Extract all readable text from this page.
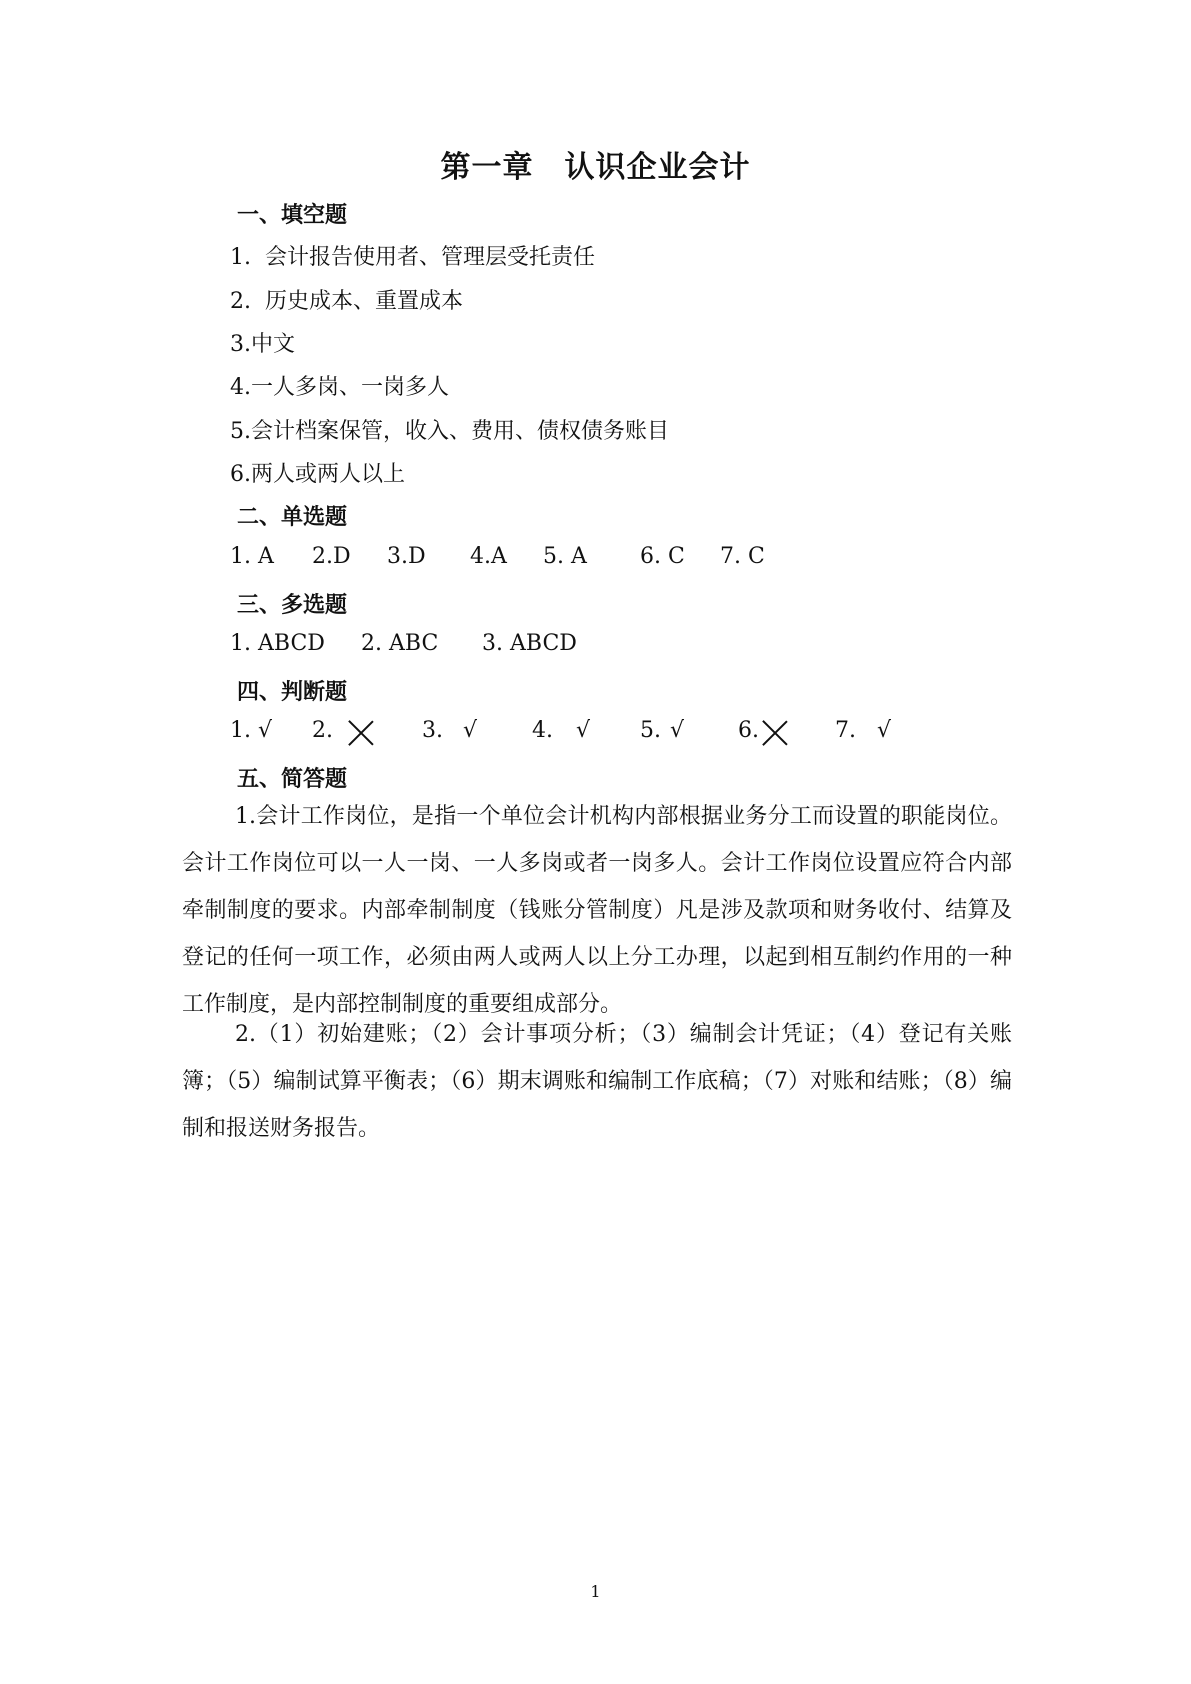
第一章　认识企业会计
一、填空题
1.  会计报告使用者、管理层受托责任
2.  历史成本、重置成本
3.中文
4.一人多岗、一岗多人
5.会计档案保管，收入、费用、债权债务账目
6.两人或两人以上
二、单选题
1. A 2.D 3.D 4.A 5. A 6. C 7. C
三、多选题
1. ABCD 2. ABC 3. ABCD
四、判断题
1. √ 2.	3. √ 4. √ 5. √ 6.	7. √
五、简答题
1.会计工作岗位，是指一个单位会计机构内部根据业务分工而设置的职能岗位。会计工作岗位可以一人一岗、一人多岗或者一岗多人。会计工作岗位设置应符合内部牵制制度的要求。内部牵制制度（钱账分管制度）凡是涉及款项和财务收付、结算及登记的任何一项工作，必须由两人或两人以上分工办理，以起到相互制约作用的一种工作制度，是内部控制制度的重要组成部分。
2.（1）初始建账；（2）会计事项分析；（3）编制会计凭证；（4）登记有关账簿；（5）编制试算平衡表；（6）期末调账和编制工作底稿；（7）对账和结账；（8）编制和报送财务报告。
1
